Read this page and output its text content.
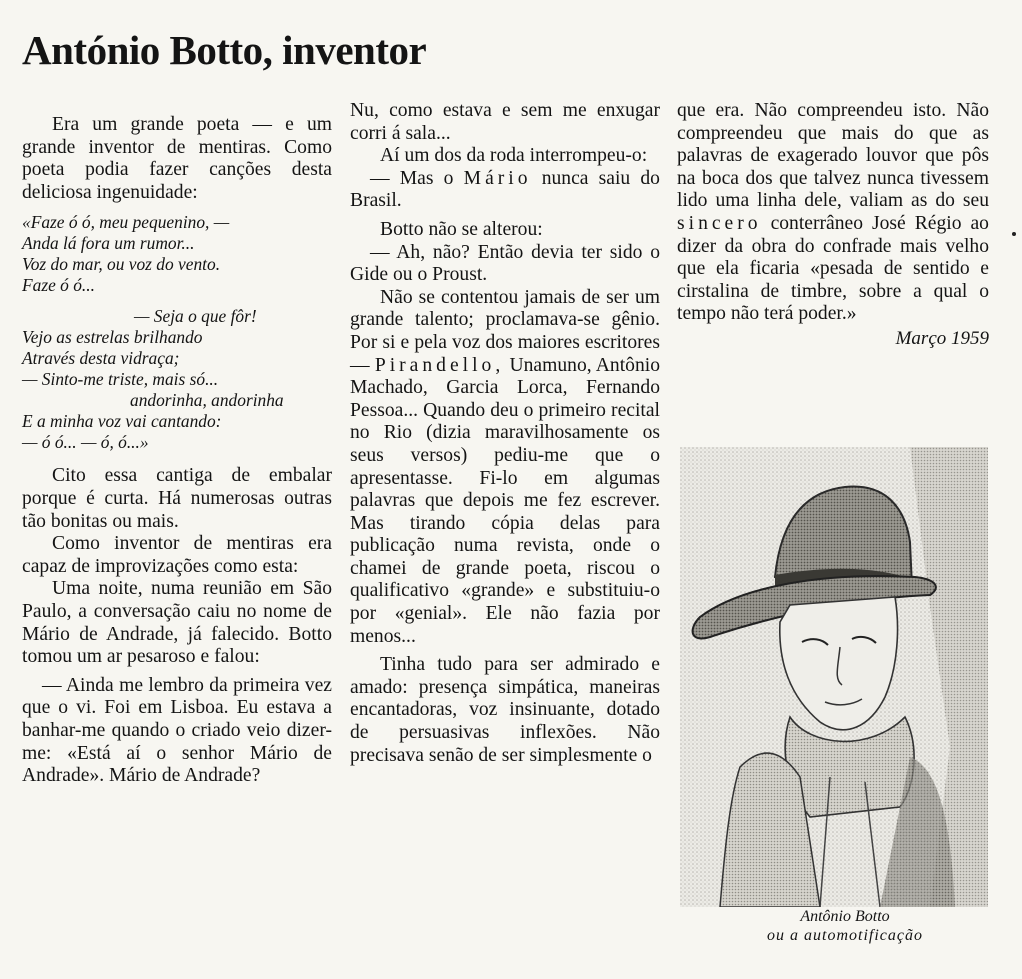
António Botto, inventor

Era um grande poeta — e um grande inventor de mentiras. Como poeta podia fazer canções desta deliciosa ingenuidade:

«Faze ó ó, meu pequenino, —
Anda lá fora um rumor...
Voz do mar, ou voz do vento.
Faze ó ó...
— Seja o que fôr!
Vejo as estrelas brilhando
Através desta vidraça;
— Sinto-me triste, mais só...
andorinha, andorinha
E a minha voz vai cantando:
— ó ó... — ó, ó...»

Cito essa cantiga de embalar porque é curta. Há numerosas outras tão bonitas ou mais.

Como inventor de mentiras era capaz de improvizações como esta:

Uma noite, numa reunião em São Paulo, a conversação caiu no nome de Mário de Andrade, já falecido. Botto tomou um ar pesaroso e falou:

— Ainda me lembro da primeira vez que o vi. Foi em Lisboa. Eu estava a banhar-me quando o criado veio dizer-me: «Está aí o senhor Mário de Andrade». Mário de Andrade?

Nu, como estava e sem me enxugar corri á sala...

Aí um dos da roda interrompeu-o:

— Mas o Mário nunca saiu do Brasil.

Botto não se alterou:

— Ah, não? Então devia ter sido o Gide ou o Proust.

Não se contentou jamais de ser um grande talento; proclamava-se gênio. Por si e pela voz dos maiores escritores — Pirandello, Unamuno, Antônio Machado, Garcia Lorca, Fernando Pessoa... Quando deu o primeiro recital no Rio (dizia maravilhosamente os seus versos) pediu-me que o apresentasse. Fi-lo em algumas palavras que depois me fez escrever. Mas tirando cópia delas para publicação numa revista, onde o chamei de grande poeta, riscou o qualificativo «grande» e substituiu-o por «genial». Ele não fazia por menos...

Tinha tudo para ser admirado e amado: presença simpática, maneiras encantadoras, voz insinuante, dotado de persuasivas inflexões. Não precisava senão de ser simplesmente o

que era. Não compreendeu isto. Não compreendeu que mais do que as palavras de exagerado louvor que pôs na boca dos que talvez nunca tivessem lido uma linha dele, valiam as do seu sincero conterrâneo José Régio ao dizer da obra do confrade mais velho que ela ficaria «pesada de sentido e cirstalina de timbre, sobre a qual o tempo não terá poder.»

Março 1959
Antônio Botto
ou a automotificação
